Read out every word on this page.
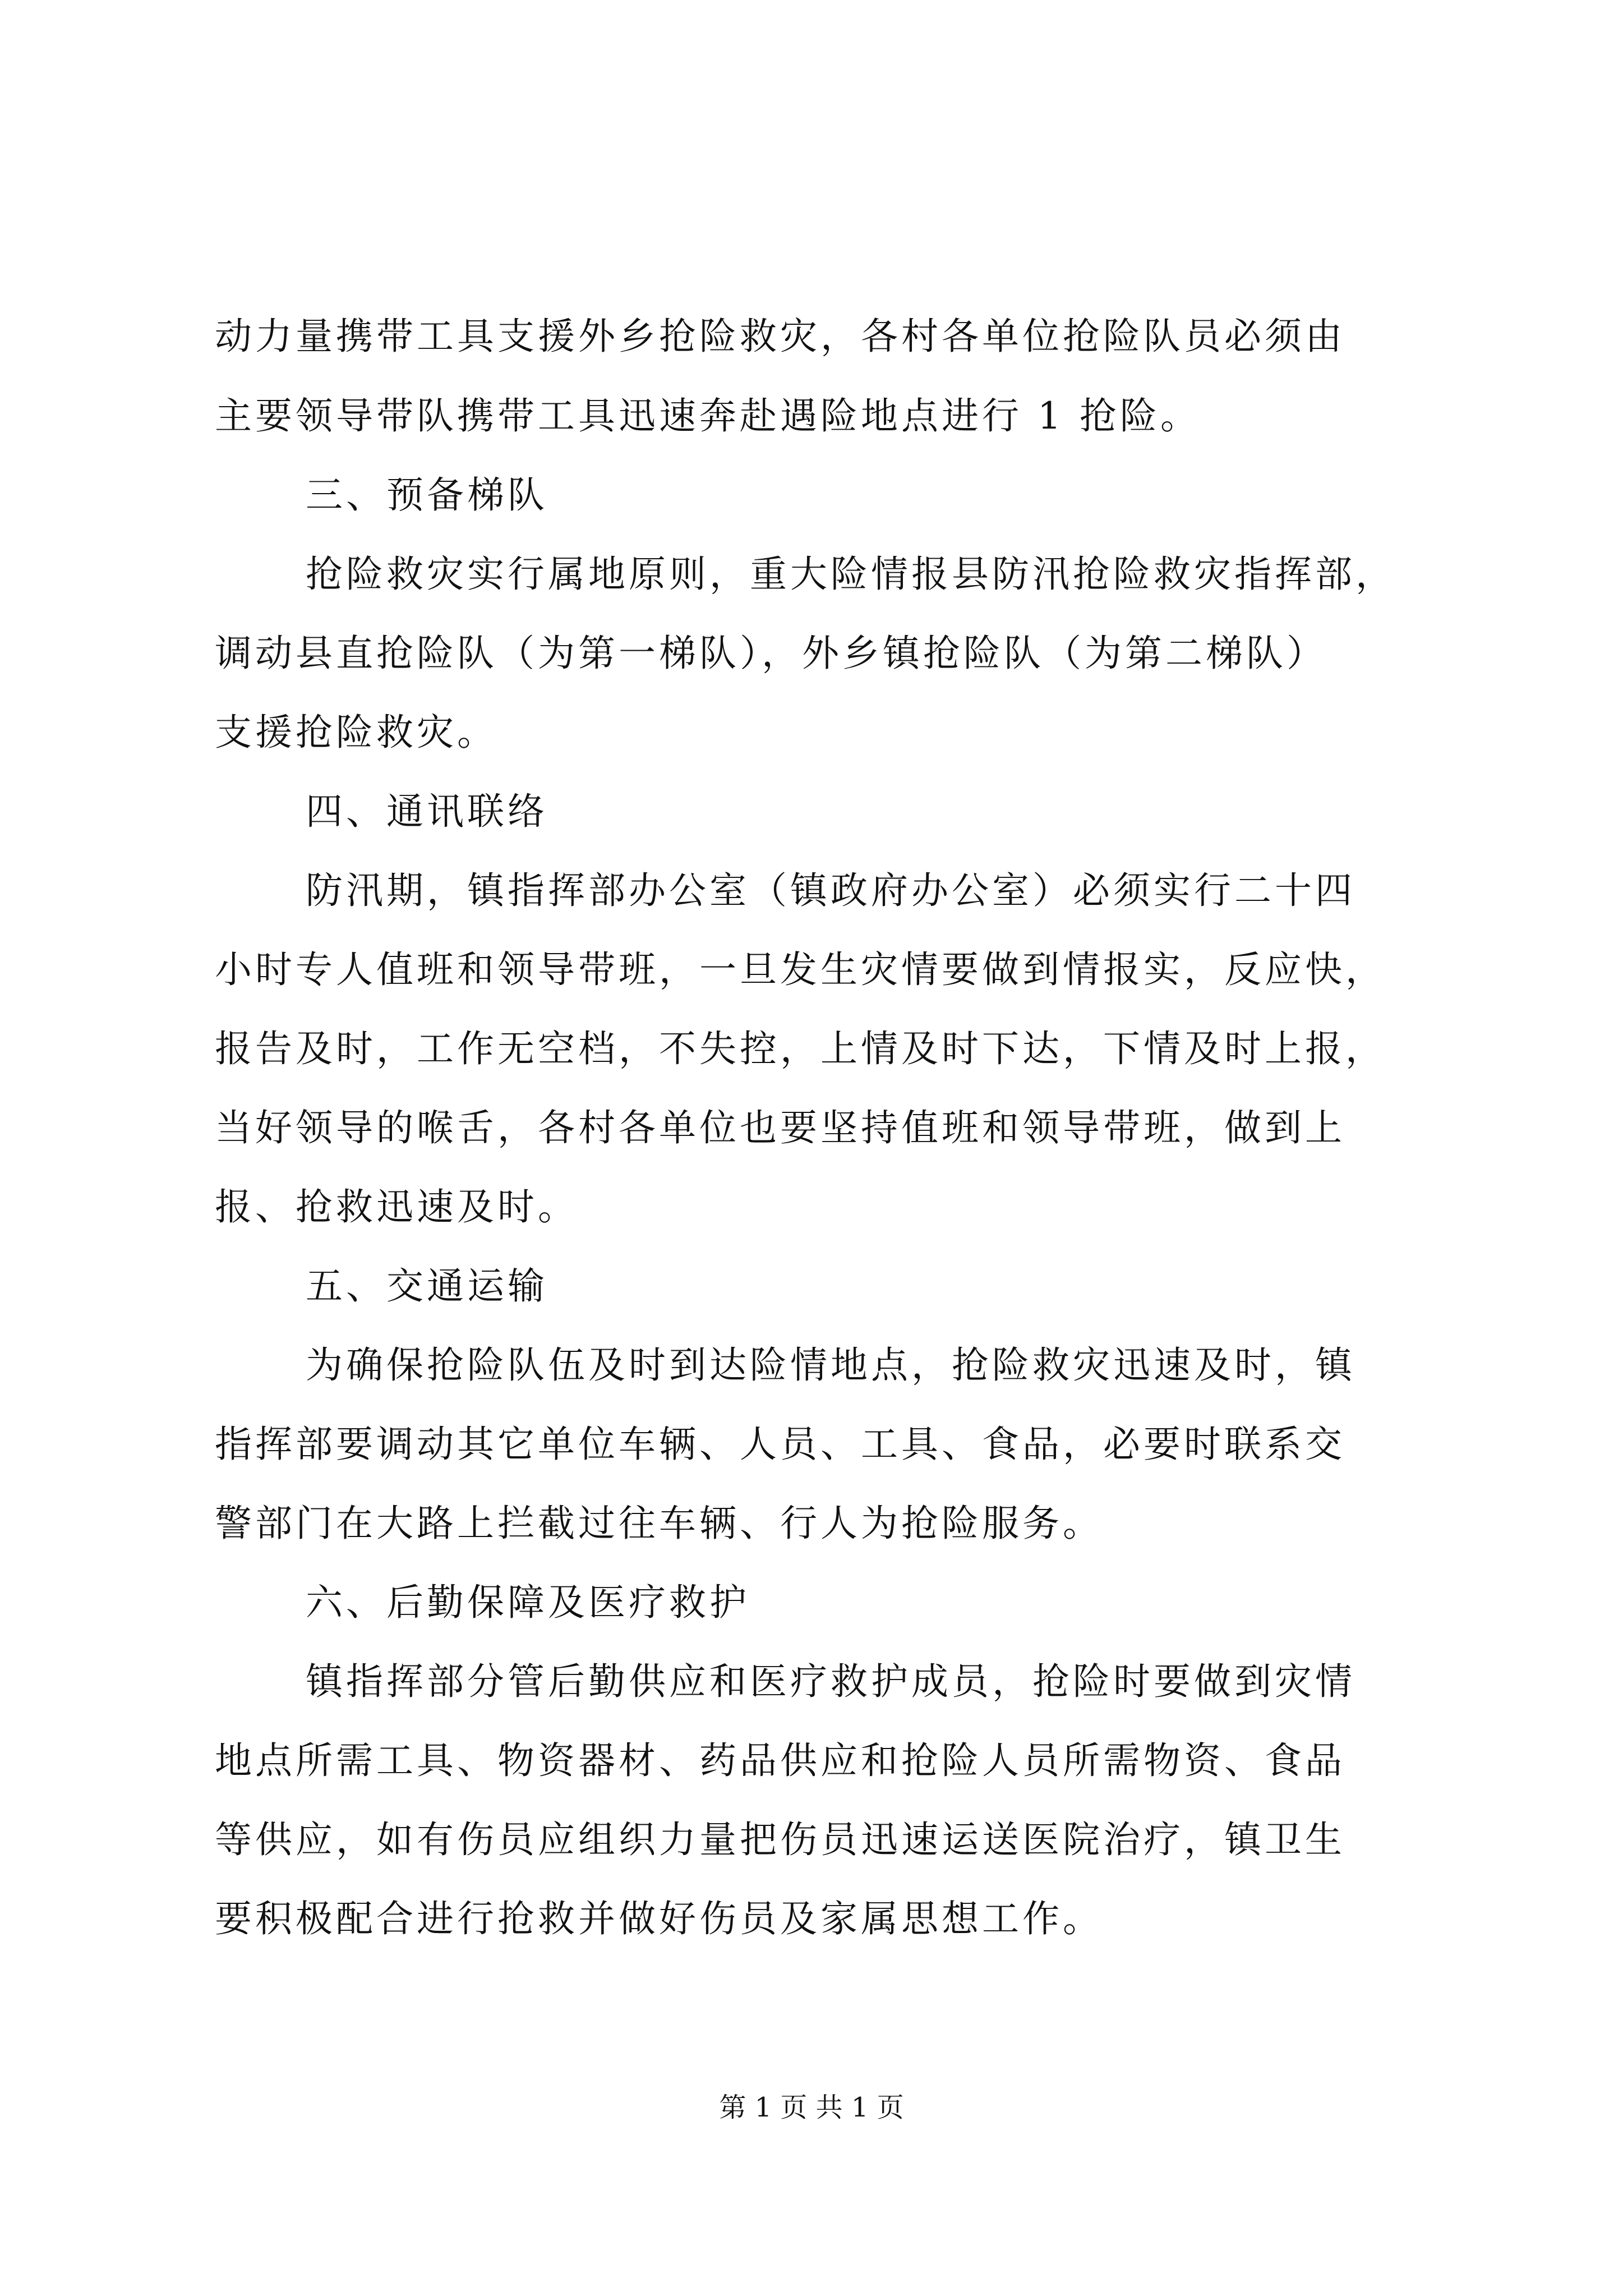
动力量携带工具支援外乡抢险救灾，各村各单位抢险队员必须由
主要领导带队携带工具迅速奔赴遇险地点进行 1 抢险。
三、预备梯队
抢险救灾实行属地原则，重大险情报县防汛抢险救灾指挥部，
调动县直抢险队（为第一梯队），外乡镇抢险队（为第二梯队）
支援抢险救灾。
四、通讯联络
防汛期，镇指挥部办公室（镇政府办公室）必须实行二十四
小时专人值班和领导带班，一旦发生灾情要做到情报实，反应快，
报告及时，工作无空档，不失控，上情及时下达，下情及时上报，
当好领导的喉舌，各村各单位也要坚持值班和领导带班，做到上
报、抢救迅速及时。
五、交通运输
为确保抢险队伍及时到达险情地点，抢险救灾迅速及时，镇
指挥部要调动其它单位车辆、人员、工具、食品，必要时联系交
警部门在大路上拦截过往车辆、行人为抢险服务。
六、后勤保障及医疗救护
镇指挥部分管后勤供应和医疗救护成员，抢险时要做到灾情
地点所需工具、物资器材、药品供应和抢险人员所需物资、食品
等供应，如有伤员应组织力量把伤员迅速运送医院治疗，镇卫生
要积极配合进行抢救并做好伤员及家属思想工作。
第 1 页 共 1 页
